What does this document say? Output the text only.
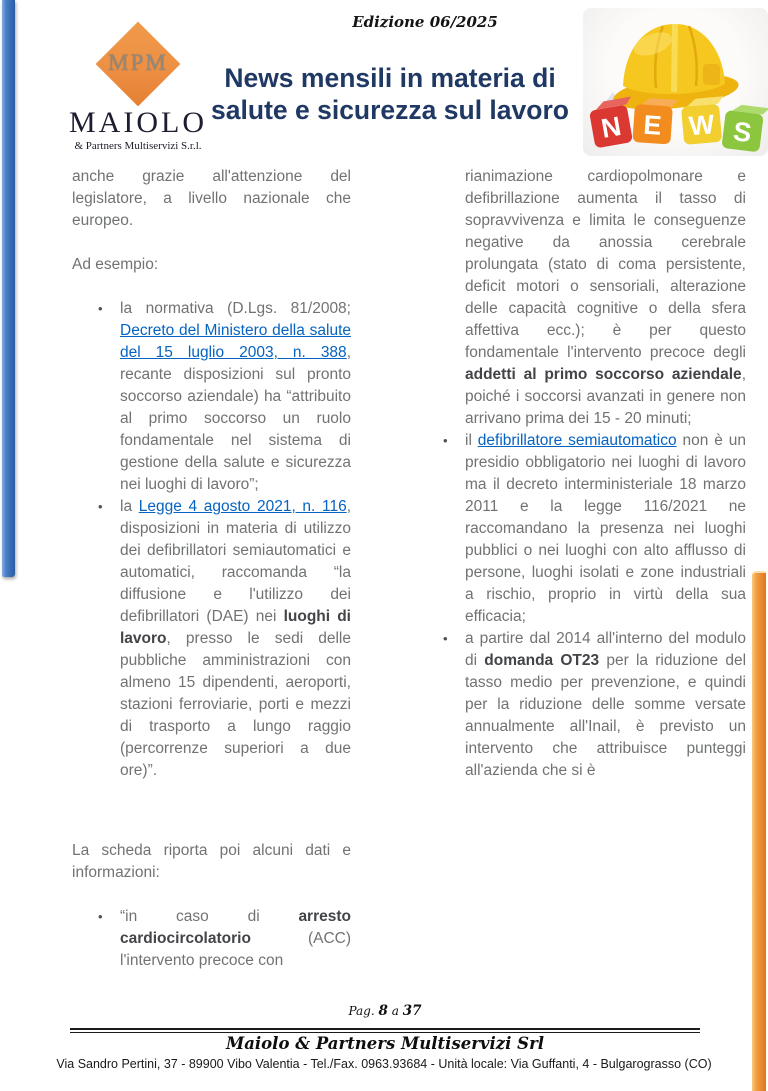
Edizione 06/2025
MPM
MAIOLO
& Partners Multiservizi S.r.l.
News mensili in materia di
salute e sicurezza sul lavoro
N E W S
anche grazie all'attenzione del legislatore, a livello nazionale che europeo.
Ad esempio:
•	la normativa (D.Lgs. 81/2008; Decreto del Ministero della salute del 15 luglio 2003, n. 388, recante disposizioni sul pronto soccorso aziendale) ha “attribuito al primo soccorso un ruolo fondamentale nel sistema di gestione della salute e sicurezza nei luoghi di lavoro”;
•	la Legge 4 agosto 2021, n. 116, disposizioni in materia di utilizzo dei defibrillatori semiautomatici e automatici, raccomanda “la diffusione e l'utilizzo dei defibrillatori (DAE) nei luoghi di lavoro, presso le sedi delle pubbliche amministrazioni con almeno 15 dipendenti, aeroporti, stazioni ferroviarie, porti e mezzi di trasporto a lungo raggio (percorrenze superiori a due ore)”.
La scheda riporta poi alcuni dati e informazioni:
•	“in caso di arresto cardiocircolatorio (ACC) l'intervento precoce con
rianimazione cardiopolmonare e defibrillazione aumenta il tasso di sopravvivenza e limita le conseguenze negative da anossia cerebrale prolungata (stato di coma persistente, deficit motori o sensoriali, alterazione delle capacità cognitive o della sfera affettiva ecc.); è per questo fondamentale l'intervento precoce degli addetti al primo soccorso aziendale, poiché i soccorsi avanzati in genere non arrivano prima dei 15 - 20 minuti;
•	il defibrillatore semiautomatico non è un presidio obbligatorio nei luoghi di lavoro ma il decreto interministeriale 18 marzo 2011 e la legge 116/2021 ne raccomandano la presenza nei luoghi pubblici o nei luoghi con alto afflusso di persone, luoghi isolati e zone industriali a rischio, proprio in virtù della sua efficacia;
•	a partire dal 2014 all'interno del modulo di domanda OT23 per la riduzione del tasso medio per prevenzione, e quindi per la riduzione delle somme versate annualmente all'Inail, è previsto un intervento che attribuisce punteggi all'azienda che si è
Pag. 8 a 37
Maiolo & Partners Multiservizi Srl
Via Sandro Pertini, 37 - 89900 Vibo Valentia - Tel./Fax. 0963.93684 - Unità locale: Via Guffanti, 4 - Bulgarograsso (CO)
